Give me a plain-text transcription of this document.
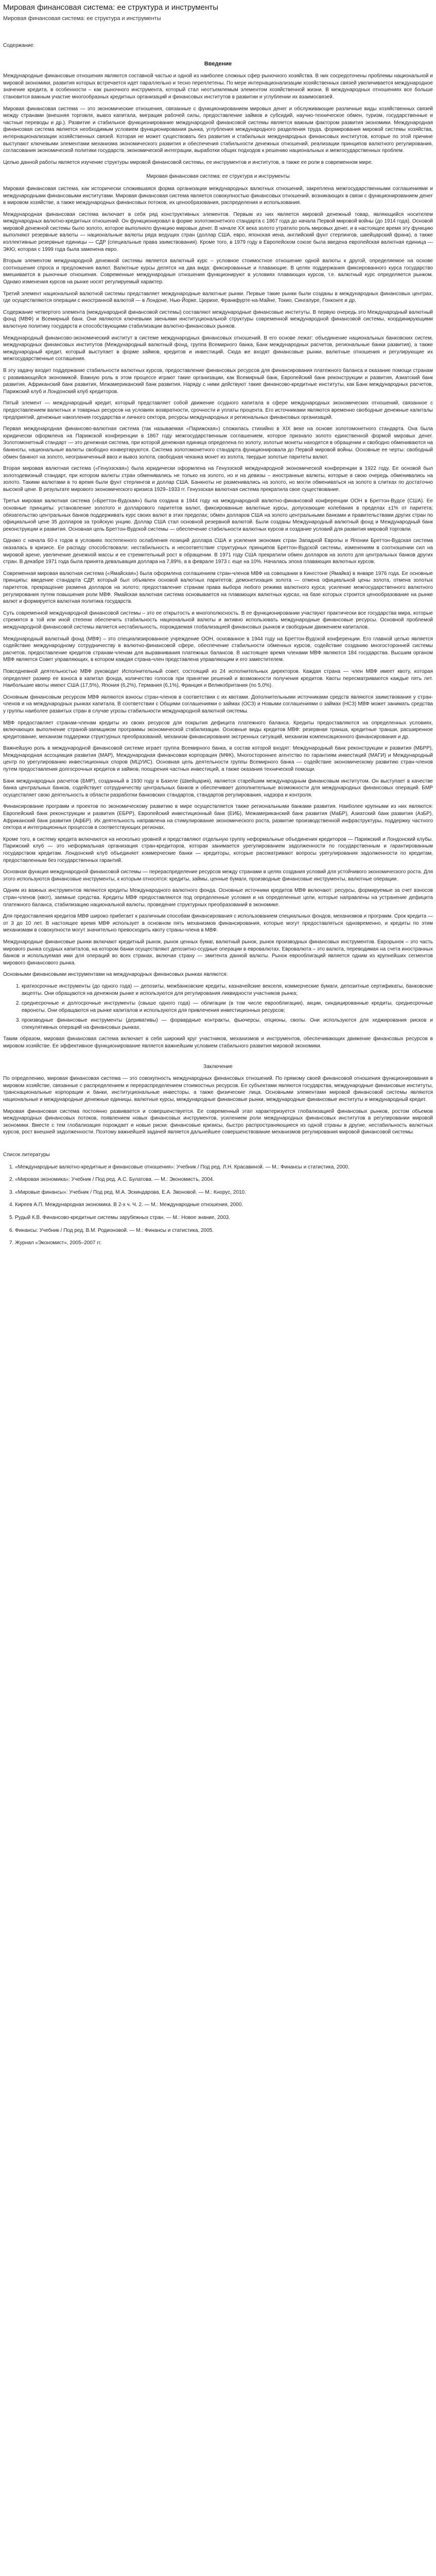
Мировая финансовая система: ее структура и инструменты
Мировая финансовая система: ее структура и инструменты
Содержание:
Введение

Международные финансовые отношения являются составной частью и одной из наиболее сложных сфер рыночного хозяйства. В них сосредоточены проблемы национальной и мировой экономики, развития которых встречается идет параллельно и тесно переплетены. По мере интернационализации хозяйственных связей увеличивается международное значение кредита, в особенности – как рыночного инструмента, который стал неотъемлемым элементом хозяйственной жизни. В международных отношениях все больше становится важным участие многообразных кредитных организаций и финансовых институтов в развитии и углублении их взаимосвязей.

Мировая финансовая система — это экономические отношения, связанные с функционированием мировых денег и обслуживающие различные виды хозяйственных связей между странами (внешняя торговля, вывоз капитала, миграция рабочей силы, предоставление займов и субсидий, научно-техническое обмен, туризм, государственные и частные переводы и др.). Развитие и стабильное функционирование международной финансовой системы является важным фактором развития экономики. Международная финансовая система является необходимым условием функционирования рынка, углубления международного разделения труда, формирования мировой системы хозяйства, интернационализации хозяйственных связей. Которая не может существовать без развития и стабильных международных финансовых институтов, которые по этой причине выступают ключевыми элементами механизма экономического развития и обеспечения стабильности денежных отношений, реализации принципов валютного регулирования, согласования экономической политики государств, экономической интеграции, выработки общих подходов к решению национальных и межгосударственных проблем.

Целью данной работы является изучение структуры мировой финансовой системы, ее инструментов и институтов, а также ее роли в современном мире.

Мировая финансовая система: ее структура и инструменты

Мировая финансовая система, как исторически сложившаяся форма организации международных валютных отношений, закреплена межгосударственными соглашениями и международными финансовыми институтами. Мировая финансовая система является совокупностью финансовых отношений, возникающих в связи с функционированием денег в мировом хозяйстве, а также международных финансовых потоков, их ценообразования, распределения и использования.

Международная финансовая система включает в себя ряд конструктивных элементов. Первым из них является мировой денежный товар, являющийся носителем международных валютно-кредитных отношений. Он функционировал в форме золотомонетного стандарта с 1867 года до начала Первой мировой войны (до 1914 года). Основой мировой денежной системы было золото, которое выполняло функцию мировых денег. В начале XX века золото утратило роль мировых денег, и в настоящее время эту функцию выполняют резервные валюты — национальные валюты ряда ведущих стран (доллар США, евро, японская иена, английский фунт стерлингов, швейцарский франк), а также коллективные резервные единицы — СДР (специальные права заимствования). Кроме того, в 1979 году в Европейском союзе была введена европейская валютная единица — ЭКЮ, которая с 1999 года была заменена евро.

Вторым элементом международной денежной системы является валютный курс – условное стоимостное отношение одной валюты к другой, определяемое на основе соотношения спроса и предложения валют. Валютные курсы делятся на два вида: фиксированные и плавающие. В целях поддержания фиксированного курса государство вмешивается в рыночные отношения. Современные международные отношения функционируют в условиях плавающих курсов, т.е. валютный курс определяется рынком. Однако изменения курсов на рынке носят регулируемый характер.

Третий элемент национальной валютной системы представляет международные валютные рынки. Первые такие рынки были созданы в международных финансовых центрах, где осуществляются операции с иностранной валютой — в Лондоне, Нью-Йорке, Цюрихе, Франкфурте-на-Майне, Токио, Сингапуре, Гонконге и др.

Содержание четвертого элемента (международной финансовой системы) составляют международные финансовые институты. В первую очередь это Международный валютный фонд (МВФ) и Всемирный банк. Они являются ключевыми звеньями институциональной структуры современной международной финансовой системы, координирующими валютную политику государств и способствующими стабилизации валютно-финансовых рынков.

Международный финансово-экономический институт в системе международных финансовых отношений. В его основе лежат: объединение национальных банковских систем, международных финансовых институтов (Международный валютный фонд, группа Всемирного банка, Банк международных расчетов, региональные банки развития), а также международный кредит, который выступает в форме займов, кредитов и инвестиций. Сюда же входят финансовые рынки, валютные отношения и регулирующие их межгосударственные соглашения.

В эту задачу входит поддержание стабильности валютных курсов, предоставление финансовых ресурсов для финансирования платежного баланса и оказание помощи странам с развивающейся экономикой. Важную роль в этом процессе играют такие организации, как Всемирный банк, Европейский банк реконструкции и развития, Азиатский банк развития, Африканский банк развития, Межамериканский банк развития. Наряду с ними действуют такие финансово-кредитные институты, как Банк международных расчетов, Парижский клуб и Лондонский клуб кредиторов.

Пятый элемент — международный кредит, который представляет собой движение ссудного капитала в сфере международных экономических отношений, связанное с предоставлением валютных и товарных ресурсов на условиях возвратности, срочности и уплаты процента. Его источниками являются временно свободные денежные капиталы предприятий, денежные накопления государства и личного сектора, ресурсы международных и региональных финансовых организаций.

Первая международная финансово-валютная система (так называемая «Парижская») сложилась стихийно в XIX веке на основе золотомонетного стандарта. Она была юридически оформлена на Парижской конференции в 1867 году межгосударственным соглашением, которое признало золото единственной формой мировых денег. Золотомонетный стандарт — это денежная система, при которой денежная единица определена по золоту, золотые монеты находятся в обращении и свободно обмениваются на банкноты, национальные валюты свободно конвертируются. Система золотомонетного стандарта функционировала до Первой мировой войны. Основные ее черты: свободный обмен банкнот на золото, неограниченный ввоз и вывоз золота, свободная чеканка монет из золота, твердые золотые паритеты валют.

Вторая мировая валютная система («Генуэзская») была юридически оформлена на Генуэзской международной экономической конференции в 1922 году. Ее основой был золотодевизный стандарт, при котором валюты стран обменивались не только на золото, но и на девизы – иностранные валюты, которые в свою очередь обменивались на золото. Такими валютами в то время были фунт стерлингов и доллар США. Банкноты не разменивались на золото, но могли обмениваться на золото в слитках по достаточно высокой цене. В результате мирового экономического кризиса 1929–1933 гг. Генуэзская валютная система прекратила свое существование.

Третья мировая валютная система («Бреттон-Вудская») была создана в 1944 году на международной валютно-финансовой конференции ООН в Бреттон-Вудсе (США). Ее основные принципы: установление золотого и долларового паритетов валют, фиксированные валютные курсы, допускающие колебания в пределах ±1% от паритета; обязательство центральных банков поддерживать курс своих валют в этих пределах; обмен долларов США на золото центральными банками и правительствами других стран по официальной цене 35 долларов за тройскую унцию. Доллар США стал основной резервной валютой. Были созданы Международный валютный фонд и Международный банк реконструкции и развития. Основная цель Бреттон-Вудской системы — обеспечение стабильности валютных курсов и создание условий для развития мировой торговли.

Однако с начала 60-х годов в условиях постепенного ослабления позиций доллара США и усиления экономик стран Западной Европы и Японии Бреттон-Вудская система оказалась в кризисе. Ее распаду способствовали: нестабильность и несоответствие структурных принципов Бреттон-Вудской системы, изменениям в соотношении сил на мировой арене, увеличение денежной массы и ее стремительный рост в обращении. В 1971 году США прекратили обмен долларов на золото для центральных банков других стран. В декабре 1971 года была принята девальвация доллара на 7,89%, а в феврале 1973 г. еще на 10%. Началась эпоха плавающих валютных курсов.

Современная мировая валютная система («Ямайская») была оформлена соглашением стран-членов МВФ на совещании в Кингстоне (Ямайка) в январе 1976 года. Ее основные принципы: введение стандарта СДР, который был объявлен основой валютных паритетов; демонетизация золота — отмена официальной цены золота, отмена золотых паритетов, прекращение размена долларов на золото; предоставление странам права выбора любого режима валютного курса; усиление межгосударственного валютного регулирования путем повышения роли МВФ. Ямайская валютная система основывается на плавающих валютных курсах, на базе которых строится ценообразование на рынке валют и формируется валютная политика государств.

Суть современной международной финансовой системы – это ее открытость и многополюсность. В ее функционировании участвуют практически все государства мира, которые стремятся в той или иной степени обеспечить стабильность национальной валюты и активно использовать международные финансовые ресурсы. Основной проблемой международной финансовой системы является нестабильность, порождаемая глобализацией финансовых рынков и свободным движением капиталов.

Международный валютный фонд (МВФ) – это специализированное учреждение ООН, основанное в 1944 году на Бреттон-Вудской конференции. Его главной целью является содействие международному сотрудничеству в валютно-финансовой сфере, обеспечение стабильности обменных курсов, содействие созданию многосторонней системы расчетов, предоставление кредитов странам-членам для выравнивания платежных балансов. В настоящее время членами МВФ являются 184 государства. Высшим органом МВФ является Совет управляющих, в котором каждая страна-член представлена управляющим и его заместителем.

Повседневной деятельностью МВФ руководит Исполнительный совет, состоящий из 24 исполнительных директоров. Каждая страна — член МВФ имеет квоту, которая определяет размер ее взноса в капитал фонда, количество голосов при принятии решений и возможности получения кредитов. Квоты пересматриваются каждые пять лет. Наибольшие квоты имеют США (17,5%), Япония (6,2%), Германия (6,1%), Франция и Великобритания (по 5,0%).

Основным финансовым ресурсом МВФ являются взносы стран-членов в соответствии с их квотами. Дополнительными источниками средств являются заимствования у стран-членов и на международных рынках капитала. В соответствии с Общими соглашениями о займах (ОСЗ) и Новыми соглашениями о займах (НСЗ) МВФ может занимать средства у группы наиболее развитых стран в случае угрозы стабильности международной валютной системы.

МВФ предоставляет странам-членам кредиты из своих ресурсов для покрытия дефицита платежного баланса. Кредиты предоставляются на определенных условиях, включающих выполнение страной-заемщиком программы экономической стабилизации. Основные виды кредитов МВФ: резервная транша, кредитные транши, расширенное кредитование, механизм поддержки структурных преобразований, механизм финансирования экстренных ситуаций, механизм компенсационного финансирования и др.

Важнейшую роль в международной финансовой системе играет группа Всемирного банка, в состав которой входят: Международный банк реконструкции и развития (МБРР), Международная ассоциация развития (МАР), Международная финансовая корпорация (МФК), Многостороннее агентство по гарантиям инвестиций (МАГИ) и Международный центр по урегулированию инвестиционных споров (МЦУИС). Основная цель деятельности группы Всемирного банка — содействие экономическому развитию стран-членов путем предоставления долгосрочных кредитов и займов, поощрения частных инвестиций, а также оказания технической помощи.

Банк международных расчетов (БМР), созданный в 1930 году в Базеле (Швейцария), является старейшим международным финансовым институтом. Он выступает в качестве банка центральных банков, содействует сотрудничеству центральных банков и обеспечивает дополнительные возможности для международных финансовых операций. БМР осуществляет свою деятельность в области разработки банковских стандартов, стандартов регулирования, надзора и контроля.

Финансирование программ и проектов по экономическому развитию в мире осуществляется также региональными банками развития. Наиболее крупными из них являются: Европейский банк реконструкции и развития (ЕБРР), Европейский инвестиционный банк (ЕИБ), Межамериканский банк развития (МаБР), Азиатский банк развития (АзБР), Африканский банк развития (АфБР). Их деятельность направлена на стимулирование экономического роста, развитие производственной инфраструктуры, поддержку частного сектора и интеграционных процессов в соответствующих регионах.

Кроме того, в систему кредита включаются на несколько уровней и представляют отдельную группу неформальные объединения кредиторов — Парижский и Лондонский клубы. Парижский клуб — это неформальная организация стран-кредиторов, которая занимается урегулированием задолженности по государственным и гарантированным государством кредитам. Лондонский клуб объединяет коммерческие банки — кредиторы, которые рассматривают вопросы урегулирования задолженности по кредитам, предоставленным без государственных гарантий.

Основная функция международной финансовой системы — перераспределение ресурсов между странами в целях создания условий для устойчивого экономического роста. Для этого используются финансовые инструменты, к которым относятся: кредиты, займы, ценные бумаги, производные финансовые инструменты, валютные операции.

Одним из важных инструментов являются кредиты Международного валютного фонда. Основные источники кредитов МВФ включают: ресурсы, формируемые за счет взносов стран-членов (квот), заемные средства. Кредиты МВФ предоставляются под определенные условия и на определенные цели, которые направлены на устранение дефицита платежного баланса, стабилизацию национальной валюты, проведение структурных преобразований в экономике.

Для предоставления кредитов МВФ широко прибегает к различным способам финансирования с использованием специальных фондов, механизмов и программ. Срок кредита — от 3 до 10 лет. В настоящее время МВФ использует в основном пять механизмов финансирования, которые могут предоставляться одновременно, и кредиты по этим механизмам в совокупности могут значительно превосходить квоту страны-члена в МВФ.

Международные финансовые рынки включают кредитный рынок, рынок ценных бумаг, валютный рынок, рынок производных финансовых инструментов. Еврорынок – это часть мирового рынка ссудных капиталов, на котором банки осуществляют депозитно-ссудные операции в евровалютах. Евровалюта – это валюта, переводимая на счета иностранных банков и используемая ими для операций во всех странах, включая страну — эмитента данной валюты. Рынок еврооблигаций является одним из крупнейших сегментов мирового финансового рынка.

Основными финансовыми инструментами на международных финансовых рынках являются:

1. краткосрочные инструменты (до одного года) — депозиты, межбанковские кредиты, казначейские векселя, коммерческие бумаги, депозитные сертификаты, банковские акцепты. Они обращаются на денежном рынке и используются для регулирования ликвидности участников рынка;
2. среднесрочные и долгосрочные инструменты (свыше одного года) — облигации (в том числе еврооблигации), акции, синдицированные кредиты, среднесрочные евроноты. Они обращаются на рынке капиталов и используются для привлечения инвестиционных ресурсов;
3. производные финансовые инструменты (деривативы) — форвардные контракты, фьючерсы, опционы, свопы. Они используются для хеджирования рисков и спекулятивных операций на финансовых рынках.

Таким образом, мировая финансовая система включает в себя широкий круг участников, механизмов и инструментов, обеспечивающих движение финансовых ресурсов в мировом хозяйстве. Ее эффективное функционирование является важнейшим условием стабильного развития мировой экономики.

Заключение

По определению, мировая финансовая система — это совокупность международных финансовых отношений. По прямому своей финансовой отношения функционирования в мировом хозяйстве, связанные с распределением и перераспределением стоимостных ресурсов. Ее субъектами являются государства, международные финансовые институты, транснациональные корпорации и банки, институциональные инвесторы, а также физические лица. Основными элементами мировой финансовой системы являются национальные и международные денежные единицы, валютные курсы, международные финансовые рынки, международные финансовые институты и международный кредит.

Мировая финансовая система постоянно развивается и совершенствуется. Ее современный этап характеризуется глобализацией финансовых рынков, ростом объемов международных финансовых потоков, появлением новых финансовых инструментов, усилением роли международных финансовых институтов в регулировании мировой экономики. Вместе с тем глобализация порождает и новые риски: финансовые кризисы, быстро распространяющиеся из одной страны в другие, нестабильность валютных курсов, рост внешней задолженности. Поэтому важнейшей задачей является дальнейшее совершенствование механизмов регулирования мировой финансовой системы.

Список литературы
1. «Международные валютно-кредитные и финансовые отношения»: Учебник / Под ред. Л.Н. Красавиной. — М.: Финансы и статистика, 2000.
2. «Мировая экономика»: Учебник / Под ред. А.С. Булатова. — М.: Экономистъ, 2004.
3. «Мировые финансы»: Учебник / Под ред. М.А. Эскиндарова, Е.А. Звоновой. — М.: Кнорус, 2010.
4. Киреев А.П. Международная экономика. В 2-х ч. Ч. 2. — М.: Международные отношения, 2000.
5. Рудый К.В. Финансово-кредитные системы зарубежных стран. — М.: Новое знание, 2003.
6. Финансы: Учебник / Под ред. В.М. Родионовой. — М.: Финансы и статистика, 2005.
7. Журнал «Экономист», 2005–2007 гг.
